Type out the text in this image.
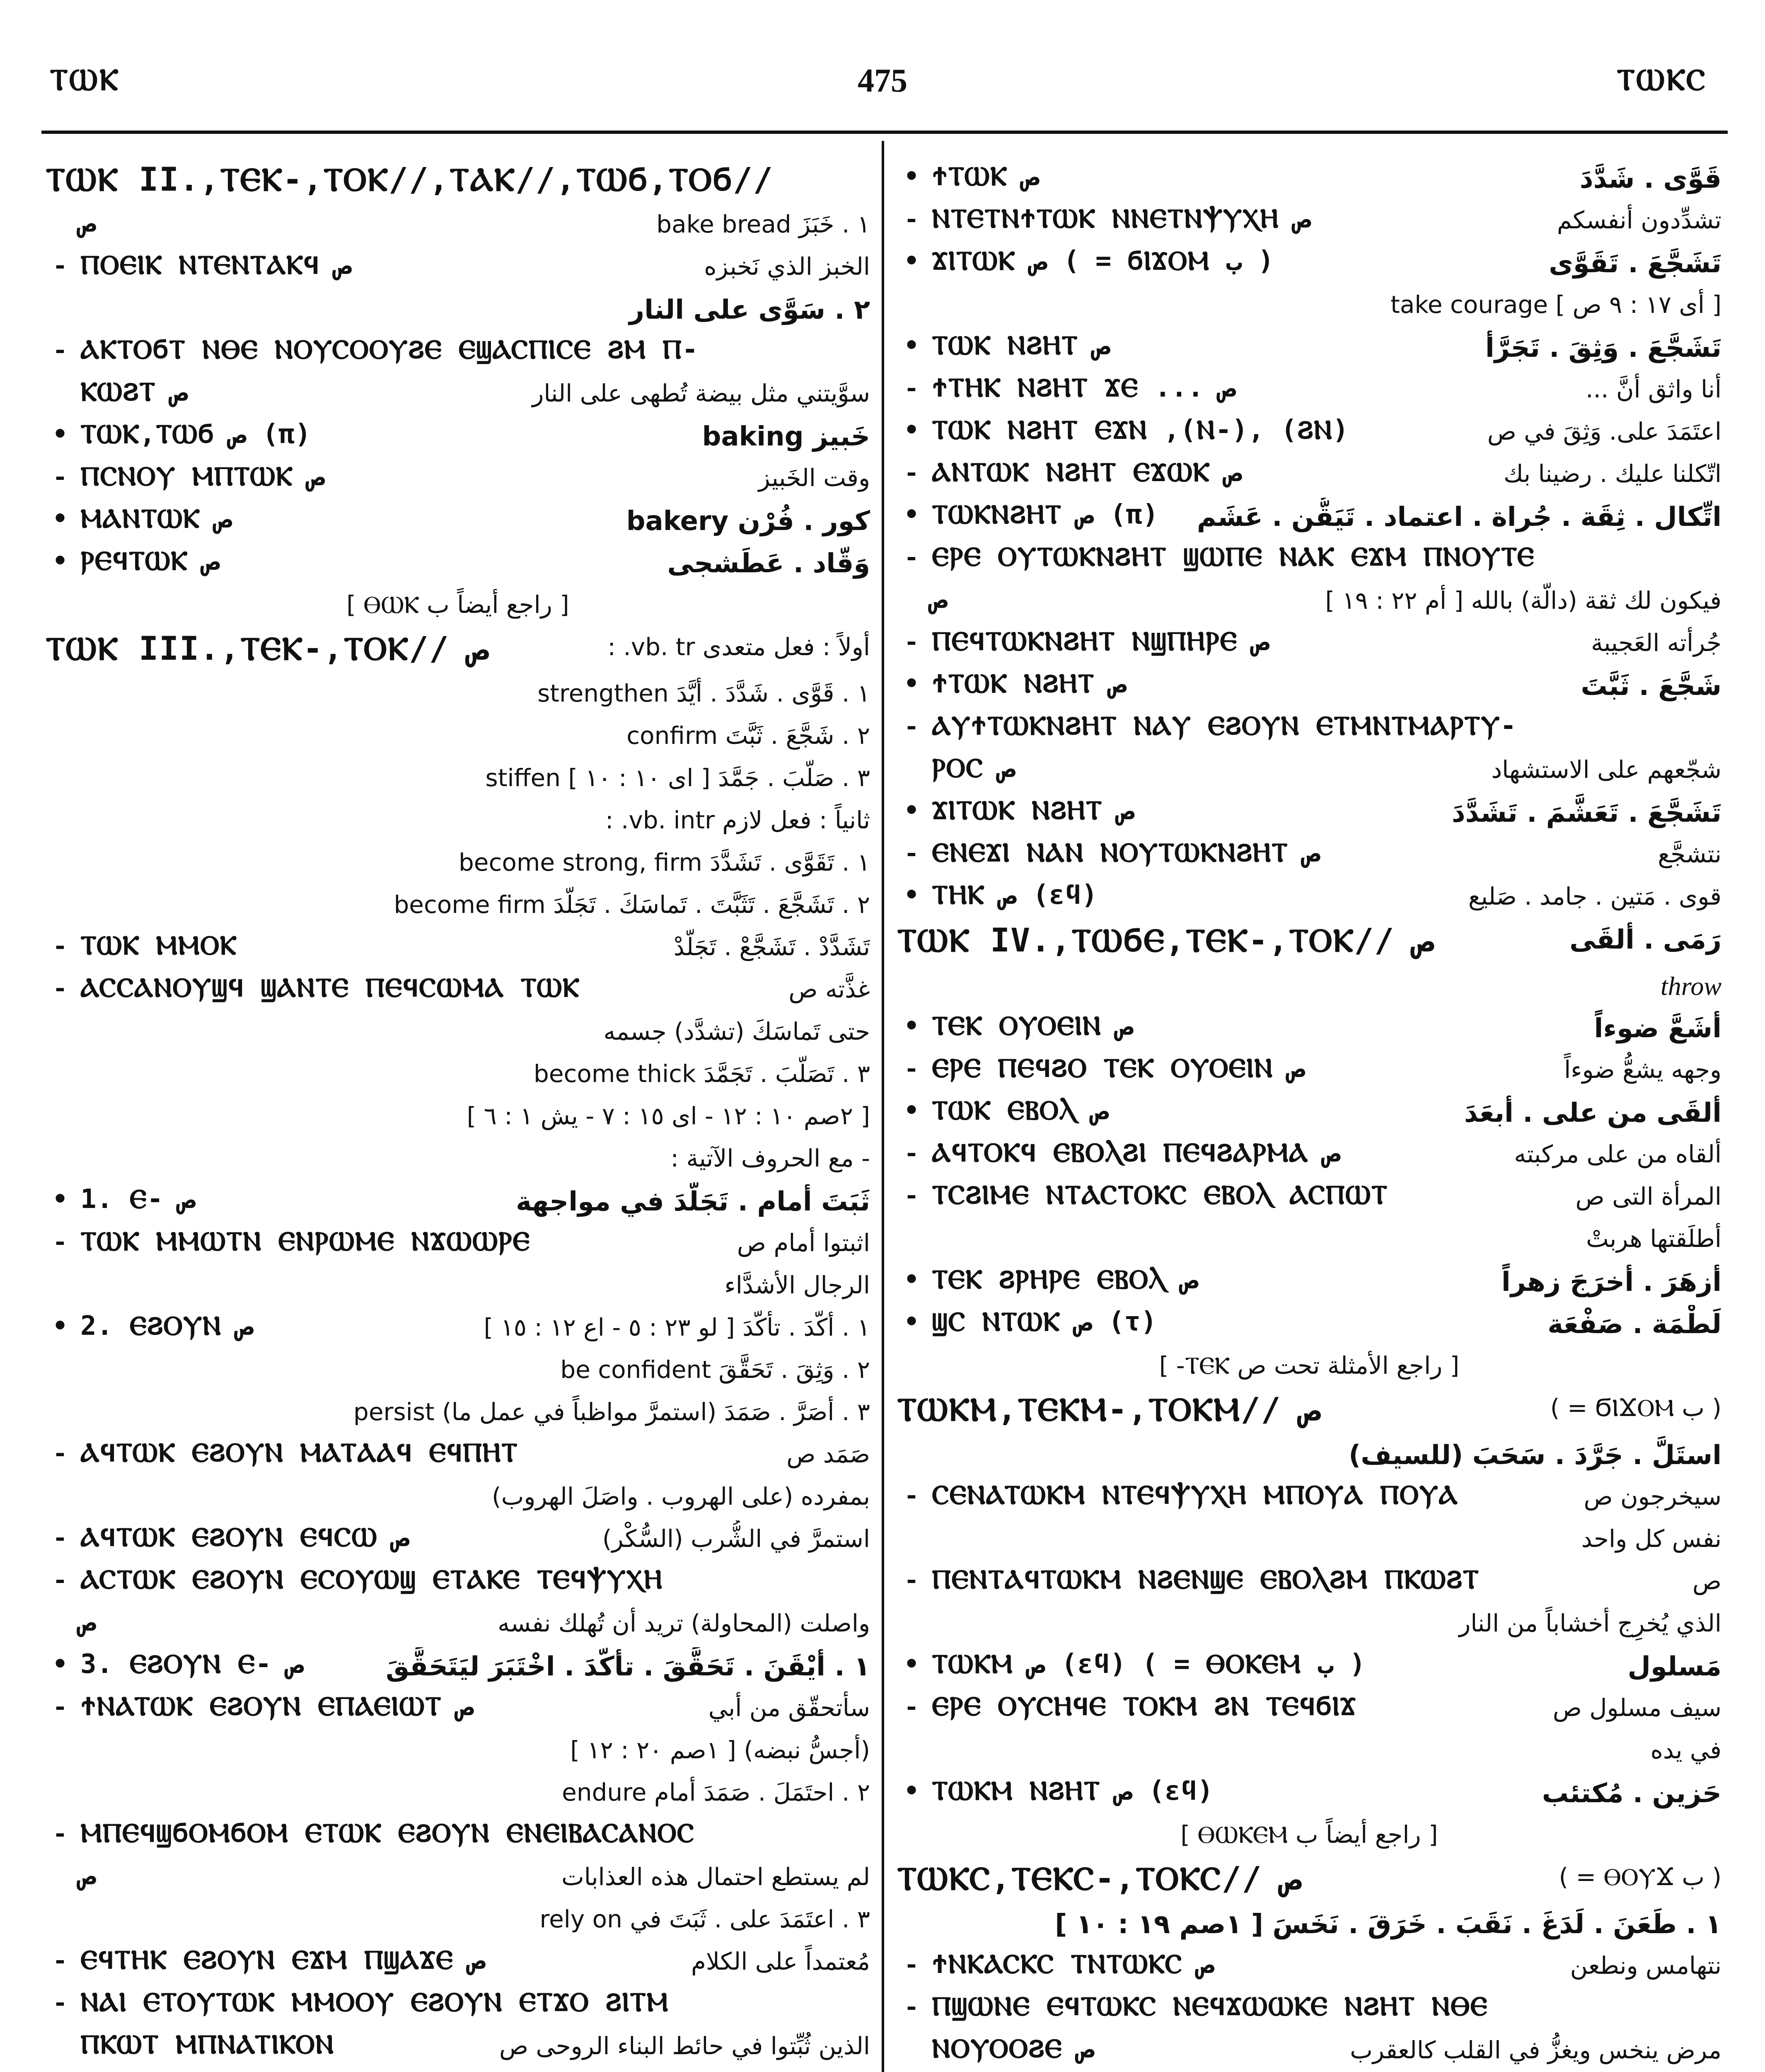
ⲦⲰⲔ	475	ⲦⲰⲔⲤ
ⲦⲰⲔ II.,ⲦⲈⲔ-,ⲦⲞⲔ//,ⲦⲀⲔ//,ⲦⲰϬ,ⲦⲞϬ//
ص	١ . خَبَزَ bake bread
- ⲠⲞⲈⲒⲔ ⲚⲦⲈⲚⲦⲀⲔϤ ص	الخبز الذي نَخبزه
٢ . سَوَّى على النار
- ⲀⲔⲦⲞϬⲦ ⲚⲐⲈ ⲚⲞⲨⲤⲞⲞⲨϨⲈ ⲈϢⲀⲤⲠⲒⲤⲈ ϨⲘ Ⲡ-
ⲔⲰϨⲦ ص	سوَّيتني مثل بيضة تُطهى على النار
• ⲦⲰⲔ,ⲦⲰϬ ص (π)	خَبيز baking
- ⲠⲤⲚⲞⲨ ⲘⲠⲦⲰⲔ ص	وقت الخَبيز
• ⲘⲀⲚⲦⲰⲔ ص	كور . فُرْن bakery
• ⲢⲈϤⲦⲰⲔ ص	وَقّاد . عَطَشجى
[ راجع أيضاً ب ⲐⲰⲔ ]
ⲦⲰⲔ III.,ⲦⲈⲔ-,ⲦⲞⲔ// ص	أولاً : فعل متعدى vb. tr. :
١ . قَوَّى . شَدَّدَ . أيَّدَ strengthen
٢ . شَجَّعَ . ثَبَّتَ confirm
٣ . صَلَّبَ . جَمَّدَ [ اى ١٠ : ١٠ ] stiffen
ثانياً : فعل لازم vb. intr. :
١ . تَقَوَّى . تَشَدَّدَ become strong, firm
٢ . تَشَجَّعَ . تَثَبَّتَ . تَماسَكَ . تَجَلَّدَ become firm
- ⲦⲰⲔ ⲘⲘⲞⲔ	تَشَدَّدْ . تَشَجَّعْ . تَجَلَّدْ
- ⲀⲤⲤⲀⲚⲞⲨϢϤ ϢⲀⲚⲦⲈ ⲠⲈϤⲤⲰⲘⲀ ⲦⲰⲔ	غذَّته ص
حتى تَماسَكَ (تشدَّد) جسمه
٣ . تَصَلَّبَ . تَجَمَّدَ become thick
[ ٢صم ١٠ : ١٢ - اى ١٥ : ٧ - يش ١ : ٦ ]
- مع الحروف الآتية :
• 1. Ⲉ- ص	ثَبَتَ أمام . تَجَلَّدَ في مواجهة
- ⲦⲰⲔ ⲘⲘⲰⲦⲚ ⲈⲚⲢⲰⲘⲈ ⲚϪⲰⲰⲢⲈ	اثبتوا أمام ص
الرجال الأشدَّاء
• 2. ⲈϨⲞⲨⲚ ص	١ . أكّدَ . تأكّدَ [ لو ٢٣ : ٥ - اع ١٢ : ١٥ ]
٢ . وَثِقَ . تَحَقَّقَ be confident
٣ . أصَرَّ . صَمَدَ (استمرَّ مواظباً في عمل ما) persist
- ⲀϤⲦⲰⲔ ⲈϨⲞⲨⲚ ⲘⲀⲦⲀⲀϤ ⲈϤⲠⲎⲦ	صَمَد ص
بمفرده (على الهروب . واصَلَ الهروب)
- ⲀϤⲦⲰⲔ ⲈϨⲞⲨⲚ ⲈϤⲤⲰ ص	استمرَّ في الشُّرب (السُّكْر)
- ⲀⲤⲦⲰⲔ ⲈϨⲞⲨⲚ ⲈⲤⲞⲨⲰϢ ⲈⲦⲀⲔⲈ ⲦⲈϤⲮⲨⲬⲎ
ص	واصلت (المحاولة) تريد أن تُهلك نفسه
• 3. ⲈϨⲞⲨⲚ Ⲉ- ص	١ . أيْقَنَ . تَحَقَّقَ . تأكَّدَ . اخْتَبَرَ ليَتَحَقَّقَ
- ϮⲚⲀⲦⲰⲔ ⲈϨⲞⲨⲚ ⲈⲠⲀⲈⲒⲰⲦ ص	سأتحقّق من أبي
(أجسُّ نبضه) [ ١صم ٢٠ : ١٢ ]
٢ . احتَمَلَ . صَمَدَ أمام endure
- ⲘⲠⲈϤϢϬⲞⲘϬⲞⲘ ⲈⲦⲰⲔ ⲈϨⲞⲨⲚ ⲈⲚⲈⲒⲂⲀⲤⲀⲚⲞⲤ
ص	لم يستطع احتمال هذه العذابات
٣ . اعتَمَدَ على . ثَبَتَ في rely on
- ⲈϤⲦⲎⲔ ⲈϨⲞⲨⲚ ⲈϪⲘ ⲠϢⲀϪⲈ ص	مُعتمداً على الكلام
- ⲚⲀⲒ ⲈⲦⲞⲨⲦⲰⲔ ⲘⲘⲞⲞⲨ ⲈϨⲞⲨⲚ ⲈⲦϪⲞ ϨⲒⲦⲘ
ⲠⲔⲰⲦ ⲘⲠⲚⲀⲦⲒⲔⲞⲚ	الذين ثُبِّتوا في حائط البناء الروحى ص
• ϮⲦⲰⲔ ص	قَوَّى . شَدَّدَ
- ⲚⲦⲈⲦⲚϮⲦⲰⲔ ⲚⲚⲈⲦⲚⲮⲨⲬⲎ ص	تشدِّدون أنفسكم
• ϪⲒⲦⲰⲔ ص ( = ϬⲒϪⲞⲘ ب )	تَشَجَّعَ . تَقَوَّى
[ أى ١٧ : ٩ ص ] take courage
• ⲦⲰⲔ ⲚϨⲎⲦ ص	تَشَجَّعَ . وَثِقَ . تَجَرَّأ
- ϮⲦⲎⲔ ⲚϨⲎⲦ ϪⲈ ... ص	أنا واثق أنَّ ...
• ⲦⲰⲔ ⲚϨⲎⲦ ⲈϪⲚ ,(Ⲛ-), (ϨⲚ)	اعتَمَدَ على. وَثِقَ في ص
- ⲀⲚⲦⲰⲔ ⲚϨⲎⲦ ⲈϪⲰⲔ ص	اتّكلنا عليك . رضينا بك
• ⲦⲰⲔⲚϨⲎⲦ ص (π) اتِّكال . ثِقَة . جُراة . اعتماد . تَيَقُّن . عَشَم
- ⲈⲢⲈ ⲞⲨⲦⲰⲔⲚϨⲎⲦ ϢⲰⲠⲈ ⲚⲀⲔ ⲈϪⲘ ⲠⲚⲞⲨⲦⲈ
ص	فيكون لك ثقة (دالَّة) بالله [ أم ٢٢ : ١٩ ]
- ⲠⲈϤⲦⲰⲔⲚϨⲎⲦ ⲚϢⲠⲎⲢⲈ ص	جُرأته العَجيبة
• ϮⲦⲰⲔ ⲚϨⲎⲦ ص	شَجَّعَ . ثَبَّتَ
- ⲀⲨϮⲦⲰⲔⲚϨⲎⲦ ⲚⲀⲨ ⲈϨⲞⲨⲚ ⲈⲦⲘⲚⲦⲘⲀⲢⲦⲨ-
ⲢⲞⲤ ص	شجّعهم على الاستشهاد
• ϪⲒⲦⲰⲔ ⲚϨⲎⲦ ص	تَشَجَّعَ . تَعَشَّمَ . تَشَدَّدَ
- ⲈⲚⲈϪⲒ ⲚⲀⲚ ⲚⲞⲨⲦⲰⲔⲚϨⲎⲦ ص	نتشجَّع
• ⲦⲎⲔ ص (εϥ)	قوى . مَتين . جامد . صَليع
ⲦⲰⲔ IV.,ⲦⲰϬⲈ,ⲦⲈⲔ-,ⲦⲞⲔ// ص	رَمَى . ألقَى
throw
• ⲦⲈⲔ ⲞⲨⲞⲈⲒⲚ ص	أشَعَّ ضوءاً
- ⲈⲢⲈ ⲠⲈϤϨⲞ ⲦⲈⲔ ⲞⲨⲞⲈⲒⲚ ص	وجهه يشعُّ ضوءاً
• ⲦⲰⲔ ⲈⲂⲞⲖ ص	ألقَى من على . أبعَدَ
- ⲀϤⲦⲞⲔϤ ⲈⲂⲞⲖϨⲒ ⲠⲈϤϨⲀⲢⲘⲀ ص	ألقاه من على مركبته
- ⲦⲤϨⲒⲘⲈ ⲚⲦⲀⲤⲦⲞⲔⲤ ⲈⲂⲞⲖ ⲀⲤⲠⲰⲦ	المرأة التى ص
أطلَقتها هربتْ
• ⲦⲈⲔ ϨⲢⲎⲢⲈ ⲈⲂⲞⲖ ص	أزهَرَ . أخرَجَ زهراً
• ϢⲤ ⲚⲦⲰⲔ ص (τ)	لَطْمَة . صَفْعَة
[ راجع الأمثلة تحت ص ⲦⲈⲔ- ]
ⲦⲰⲔⲘ,ⲦⲈⲔⲘ-,ⲦⲞⲔⲘ// ص	( ب ϬⲒϪⲞⲘ = )
استَلَّ . جَرَّدَ . سَحَبَ (للسيف)
- ⲤⲈⲚⲀⲦⲰⲔⲘ ⲚⲦⲈϤⲮⲨⲬⲎ ⲘⲠⲞⲨⲀ ⲠⲞⲨⲀ	سيخرجون ص
نفس كل واحد
- ⲠⲈⲚⲦⲀϤⲦⲰⲔⲘ ⲚϨⲈⲚϢⲈ ⲈⲂⲞⲖϨⲘ ⲠⲔⲰϨⲦ	ص
الذي يُخرِج أخشاباً من النار
• ⲦⲰⲔⲘ ص (εϥ) ( = ⲐⲞⲔⲈⲘ ب )	مَسلول
- ⲈⲢⲈ ⲞⲨⲤⲎϤⲈ ⲦⲞⲔⲘ ϨⲚ ⲦⲈϤϬⲒϪ	سيف مسلول ص
في يده
• ⲦⲰⲔⲘ ⲚϨⲎⲦ ص (εϥ)	حَزين . مُكتئب
[ راجع أيضاً ب ⲐⲰⲔⲈⲘ ]
ⲦⲰⲔⲤ,ⲦⲈⲔⲤ-,ⲦⲞⲔⲤ// ص	( ب ⲐⲞⲨϪ = )
١ . طَعَنَ . لَدَغَ . نَقَبَ . خَرَقَ . نَخَسَ [ ١صم ١٩ : ١٠ ]
- ϮⲚⲔⲀⲤⲔⲤ ⲦⲚⲦⲰⲔⲤ ص	نتهامس ونطعن
- ⲠϢⲰⲚⲈ ⲈϤⲦⲰⲔⲤ ⲚⲈϤϪⲰⲰⲔⲈ ⲚϨⲎⲦ ⲚⲐⲈ
ⲚⲞⲨⲞⲞϨⲈ ص	مرض ينخس ويغزُّ في القلب كالعقرب
